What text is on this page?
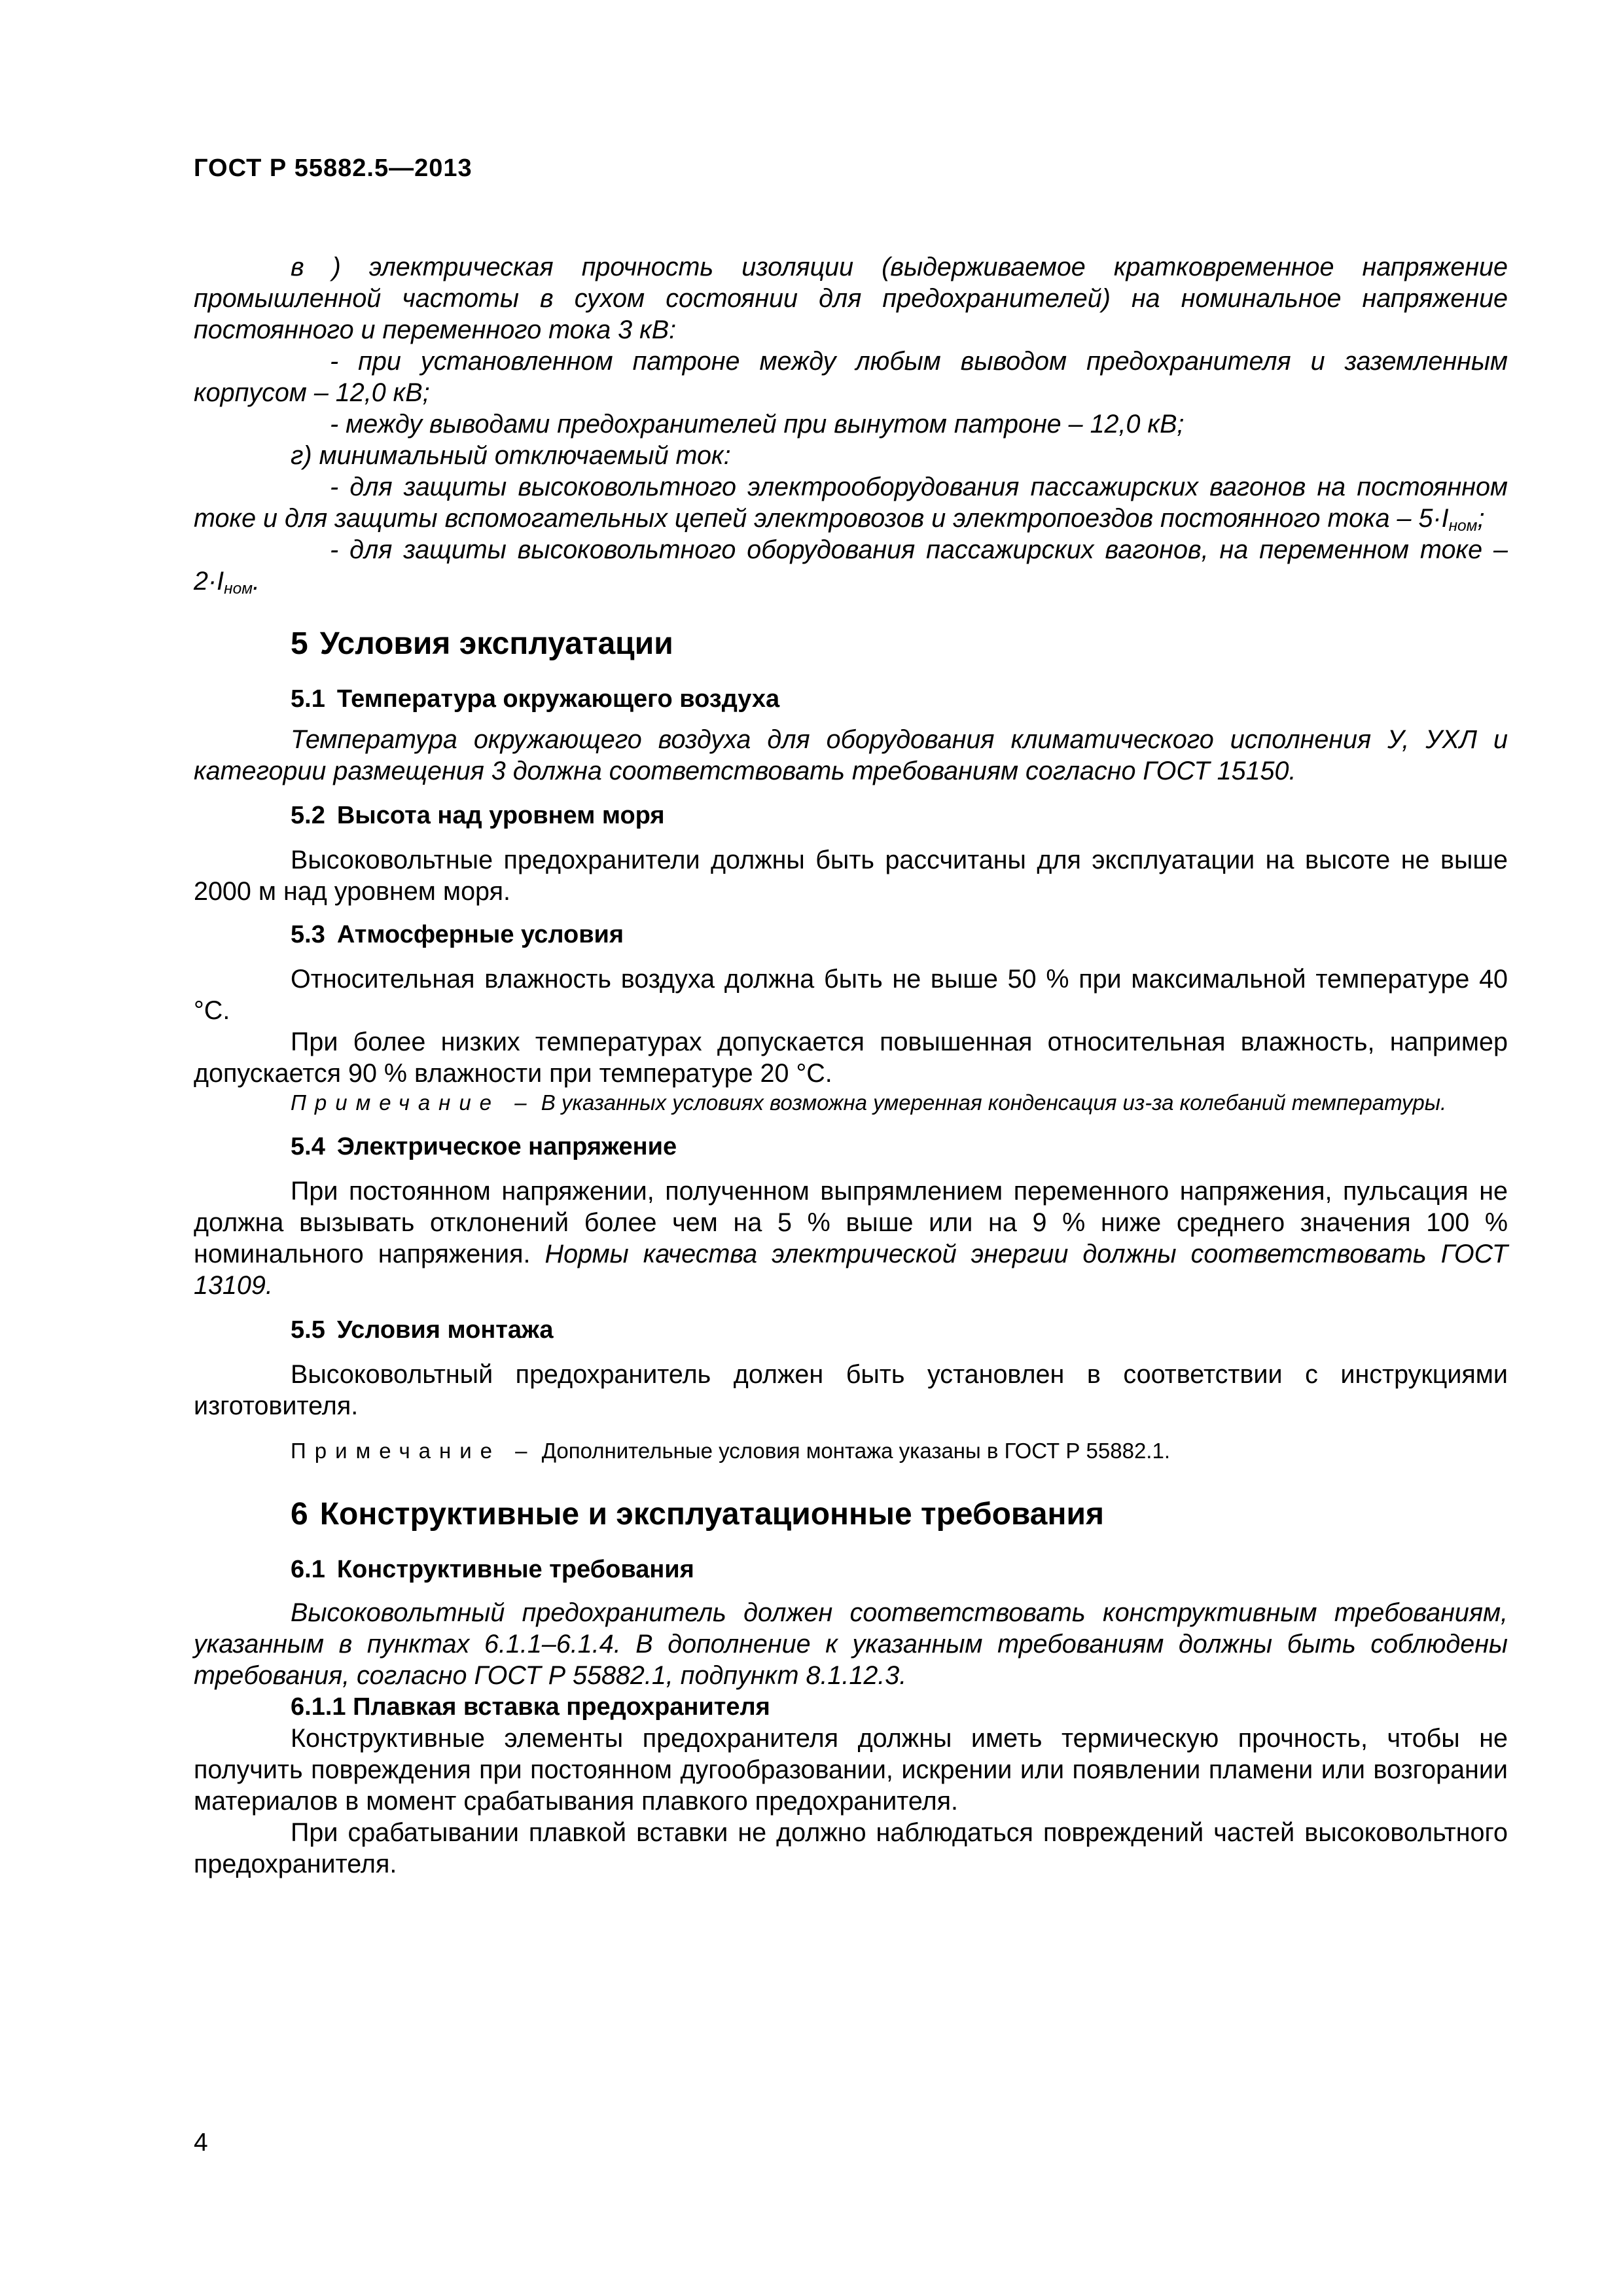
ГОСТ Р 55882.5—2013

в ) электрическая прочность изоляции (выдерживаемое кратковременное напряжение промышленной частоты в сухом состоянии для предохранителей) на номинальное напряжение постоянного и переменного тока 3 кВ:

- при установленном патроне между любым выводом предохранителя и заземленным корпусом – 12,0 кВ;

- между выводами предохранителей при вынутом патроне – 12,0 кВ;

г) минимальный отключаемый ток:

- для защиты высоковольтного электрооборудования пассажирских вагонов на постоянном токе и для защиты вспомогательных цепей электровозов и электропоездов постоянного тока – $5\cdot I_{ном}$;

- для защиты высоковольтного оборудования пассажирских вагонов, на переменном токе – $2\cdot I_{ном}$.

5 Условия эксплуатации

5.1 Температура окружающего воздуха

Температура окружающего воздуха для оборудования климатического исполнения У, УХЛ и категории размещения 3 должна соответствовать требованиям согласно ГОСТ 15150.

5.2 Высота над уровнем моря

Высоковольтные предохранители должны быть рассчитаны для эксплуатации на высоте не выше 2000 м над уровнем моря.

5.3 Атмосферные условия

Относительная влажность воздуха должна быть не выше 50 % при максимальной температуре 40 °С.

При более низких температурах допускается повышенная относительная влажность, например допускается 90 % влажности при температуре 20 °С.

Примечание – В указанных условиях возможна умеренная конденсация из-за колебаний температуры.

5.4 Электрическое напряжение

При постоянном напряжении, полученном выпрямлением переменного напряжения, пульсация не должна вызывать отклонений более чем на 5 % выше или на 9 % ниже среднего значения 100 % номинального напряжения. Нормы качества электрической энергии должны соответствовать ГОСТ 13109.

5.5 Условия монтажа

Высоковольтный предохранитель должен быть установлен в соответствии с инструкциями изготовителя.

Примечание – Дополнительные условия монтажа указаны в ГОСТ Р 55882.1.

6 Конструктивные и эксплуатационные требования

6.1 Конструктивные требования

Высоковольтный предохранитель должен соответствовать конструктивным требованиям, указанным в пунктах 6.1.1–6.1.4. В дополнение к указанным требованиям должны быть соблюдены требования, согласно ГОСТ Р 55882.1, подпункт 8.1.12.3.

6.1.1 Плавкая вставка предохранителя

Конструктивные элементы предохранителя должны иметь термическую прочность, чтобы не получить повреждения при постоянном дугообразовании, искрении или появлении пламени или возгорании материалов в момент срабатывания плавкого предохранителя.

При срабатывании плавкой вставки не должно наблюдаться повреждений частей высоковольтного предохранителя.

4
